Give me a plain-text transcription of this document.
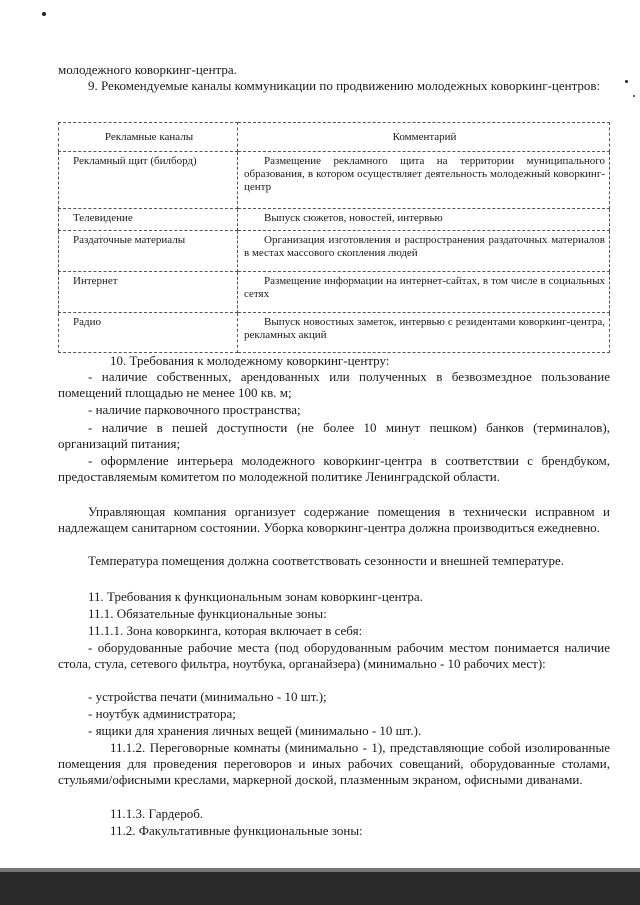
молодежного коворкинг-центра.
9. Рекомендуемые каналы коммуникации по продвижению молодежных коворкинг-центров:
Рекламные каналы	Комментарий
Рекламный щит (билборд)	Размещение рекламного щита на территории муниципального образования, в котором осуществляет деятельность молодежный коворкинг-центр
Телевидение	Выпуск сюжетов, новостей, интервью
Раздаточные материалы	Организация изготовления и распространения раздаточных материалов в местах массового скопления людей
Интернет	Размещение информации на интернет-сайтах, в том числе в социальных сетях
Радио	Выпуск новостных заметок, интервью с резидентами коворкинг-центра, рекламных акций
10. Требования к молодежному коворкинг-центру:
- наличие собственных, арендованных или полученных в безвозмездное пользование помещений площадью не менее 100 кв. м;
- наличие парковочного пространства;
- наличие в пешей доступности (не более 10 минут пешком) банков (терминалов), организаций питания;
- оформление интерьера молодежного коворкинг-центра в соответствии с брендбуком, предоставляемым комитетом по молодежной политике Ленинградской области.
Управляющая компания организует содержание помещения в технически исправном и надлежащем санитарном состоянии. Уборка коворкинг-центра должна производиться ежедневно.
Температура помещения должна соответствовать сезонности и внешней температуре.
11. Требования к функциональным зонам коворкинг-центра.
11.1. Обязательные функциональные зоны:
11.1.1. Зона коворкинга, которая включает в себя:
- оборудованные рабочие места (под оборудованным рабочим местом понимается наличие стола, стула, сетевого фильтра, ноутбука, органайзера) (минимально - 10 рабочих мест):
- устройства печати (минимально - 10 шт.);
- ноутбук администратора;
- ящики для хранения личных вещей (минимально - 10 шт.).
11.1.2. Переговорные комнаты (минимально - 1), представляющие собой изолированные помещения для проведения переговоров и иных рабочих совещаний, оборудованные столами, стульями/офисными креслами, маркерной доской, плазменным экраном, офисными диванами.
11.1.3. Гардероб.
11.2. Факультативные функциональные зоны:
